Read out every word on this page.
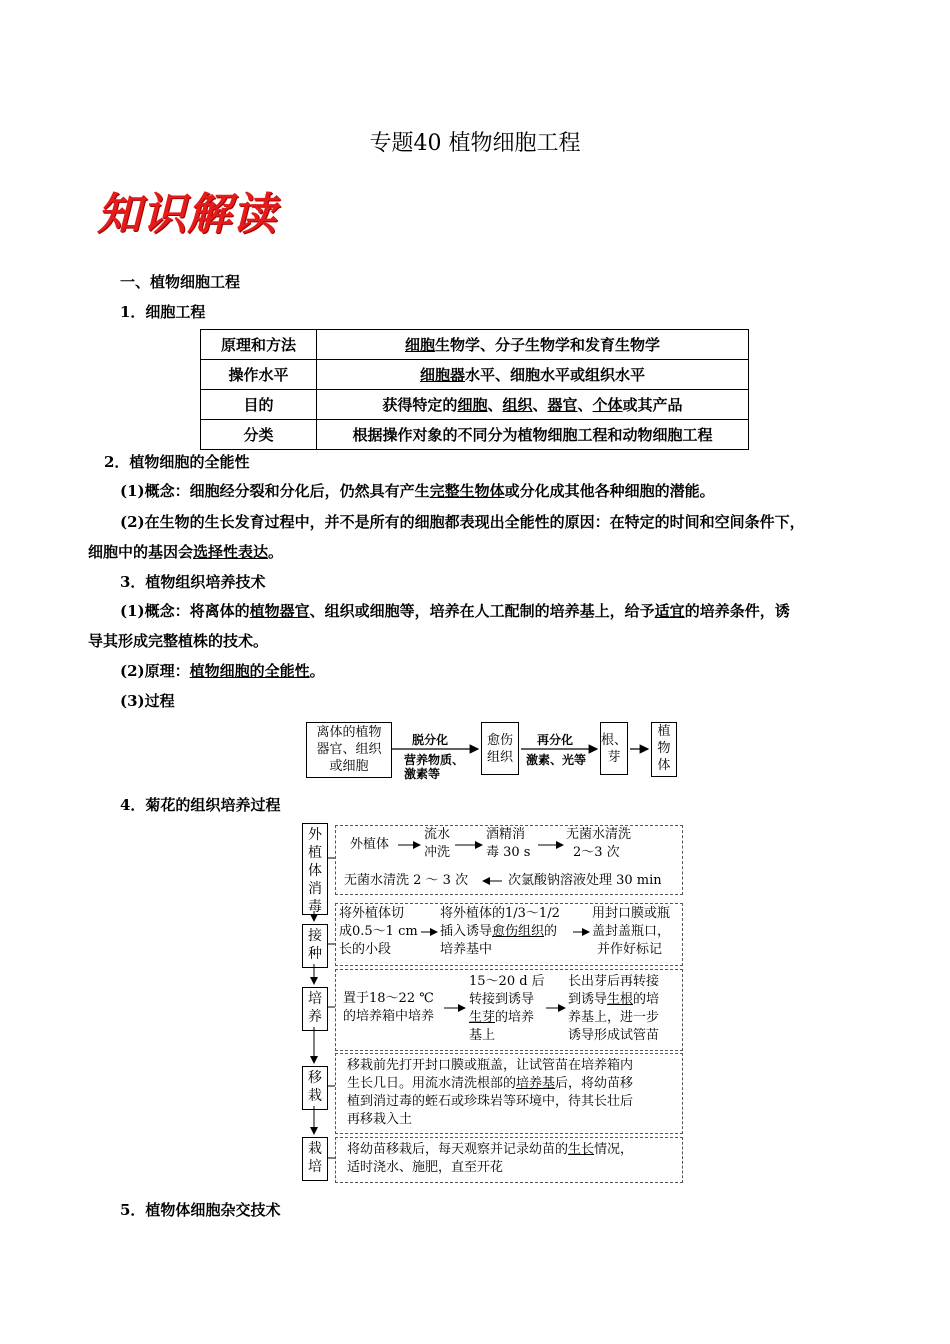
专题40 植物细胞工程
知识解读
一、植物细胞工程
1．细胞工程
原理和方法	细胞生物学、分子生物学和发育生物学
操作水平	细胞器水平、细胞水平或组织水平
目的	获得特定的细胞、组织、器官、个体或其产品
分类	根据操作对象的不同分为植物细胞工程和动物细胞工程
2．植物细胞的全能性
(1)概念：细胞经分裂和分化后，仍然具有产生完整生物体或分化成其他各种细胞的潜能。
(2)在生物的生长发育过程中，并不是所有的细胞都表现出全能性的原因：在特定的时间和空间条件下，
细胞中的基因会选择性表达。
3．植物组织培养技术
(1)概念：将离体的植物器官、组织或细胞等，培养在人工配制的培养基上，给予适宜的培养条件，诱
导其形成完整植株的技术。
(2)原理：植物细胞的全能性。
(3)过程
离体的植物
器官、组织
或细胞
脱分化
营养物质、
激素等
愈伤
组织
再分化
激素、光等
根、
芽
植
物
体
4．菊花的组织培养过程
外植体消毒
接种
培养
移栽
栽培
外植体
流水
冲洗
酒精消
毒 30 s
无菌水清洗
2～3 次
无菌水清洗 2 ～ 3 次	次氯酸钠溶液处理 30 min
将外植体切
成0.5～1 cm
长的小段
将外植体的1/3～1/2
插入诱导愈伤组织的
培养基中
用封口膜或瓶
盖封盖瓶口，
并作好标记
置于18～22 ℃
的培养箱中培养
15～20 d 后
转接到诱导
生芽的培养
基上
长出芽后再转接
到诱导生根的培
养基上，进一步
诱导形成试管苗
移栽前先打开封口膜或瓶盖，让试管苗在培养箱内
生长几日。用流水清洗根部的培养基后，将幼苗移
植到消过毒的蛭石或珍珠岩等环境中，待其长壮后
再移栽入土
将幼苗移栽后，每天观察并记录幼苗的生长情况，
适时浇水、施肥，直至开花
5．植物体细胞杂交技术
